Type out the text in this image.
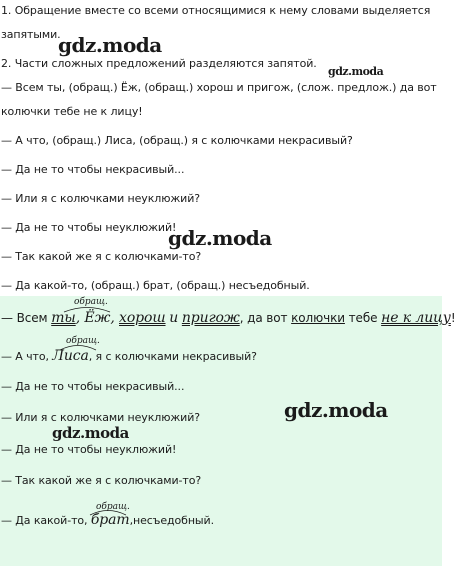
1. Обращение вместе со всеми относящимися к нему словами выделяется
запятыми.
2. Части сложных предложений разделяются запятой.
— Всем ты, (обращ.) Ёж, (обращ.) хорош и пригож, (слож. предлож.) да вот
колючки тебе не к лицу!
— А что, (обращ.) Лиса, (обращ.) я с колючками некрасивый?
— Да не то чтобы некрасивый...
— Или я с колючками неуклюжий?
— Да не то чтобы неуклюжий!
— Так какой же я с колючками-то?
— Да какой-то, (обращ.) брат, (обращ.) несъедобный.
gdz.moda
gdz.moda
gdz.moda
обращ.
— Всем ты, Ёж, хорош и пригож, да вот колючки тебе не к лицу!
обращ.
— А что, Лиса, я с колючками некрасивый?
— Да не то чтобы некрасивый...
— Или я с колючками неуклюжий?
— Да не то чтобы неуклюжий!
— Так какой же я с колючками-то?
обращ.
— Да какой-то, брат,несъедобный.
gdz.moda
gdz.moda
